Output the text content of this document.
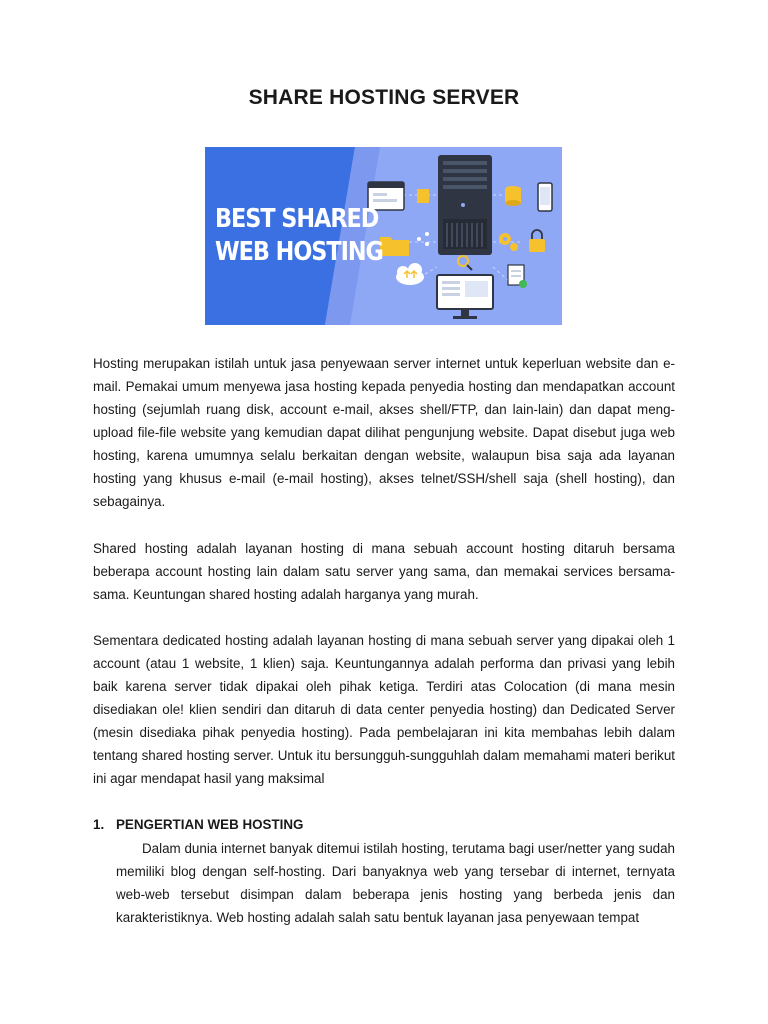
SHARE HOSTING SERVER
BEST SHARED
WEB HOSTING

Hosting merupakan istilah untuk jasa penyewaan server internet untuk keperluan website dan e-mail. Pemakai umum menyewa jasa hosting kepada penyedia hosting dan mendapatkan account hosting (sejumlah ruang disk, account e-mail, akses shell/FTP, dan lain-lain) dan dapat meng-upload file-file website yang kemudian dapat dilihat pengunjung website. Dapat disebut juga web hosting, karena umumnya selalu berkaitan dengan website, walaupun bisa saja ada layanan hosting yang khusus e-mail (e-mail hosting), akses telnet/SSH/shell saja (shell hosting), dan sebagainya.

Shared hosting adalah layanan hosting di mana sebuah account hosting ditaruh bersama beberapa account hosting lain dalam satu server yang sama, dan memakai services bersama-sama. Keuntungan shared hosting adalah harganya yang murah.

Sementara dedicated hosting adalah layanan hosting di mana sebuah server yang dipakai oleh 1 account (atau 1 website, 1 klien) saja. Keuntungannya adalah performa dan privasi yang lebih baik karena server tidak dipakai oleh pihak ketiga. Terdiri atas Colocation (di mana mesin disediakan ole! klien sendiri dan ditaruh di data center penyedia hosting) dan Dedicated Server (mesin disediaka pihak penyedia hosting). Pada pembelajaran ini kita membahas lebih dalam tentang shared hosting server. Untuk itu bersungguh-sungguhlah dalam memahami materi berikut ini agar mendapat hasil yang maksimal

1. PENGERTIAN WEB HOSTING

Dalam dunia internet banyak ditemui istilah hosting, terutama bagi user/netter yang sudah memiliki blog dengan self-hosting. Dari banyaknya web yang tersebar di internet, ternyata web-web tersebut disimpan dalam beberapa jenis hosting yang berbeda jenis dan karakteristiknya. Web hosting adalah salah satu bentuk layanan jasa penyewaan tempat
